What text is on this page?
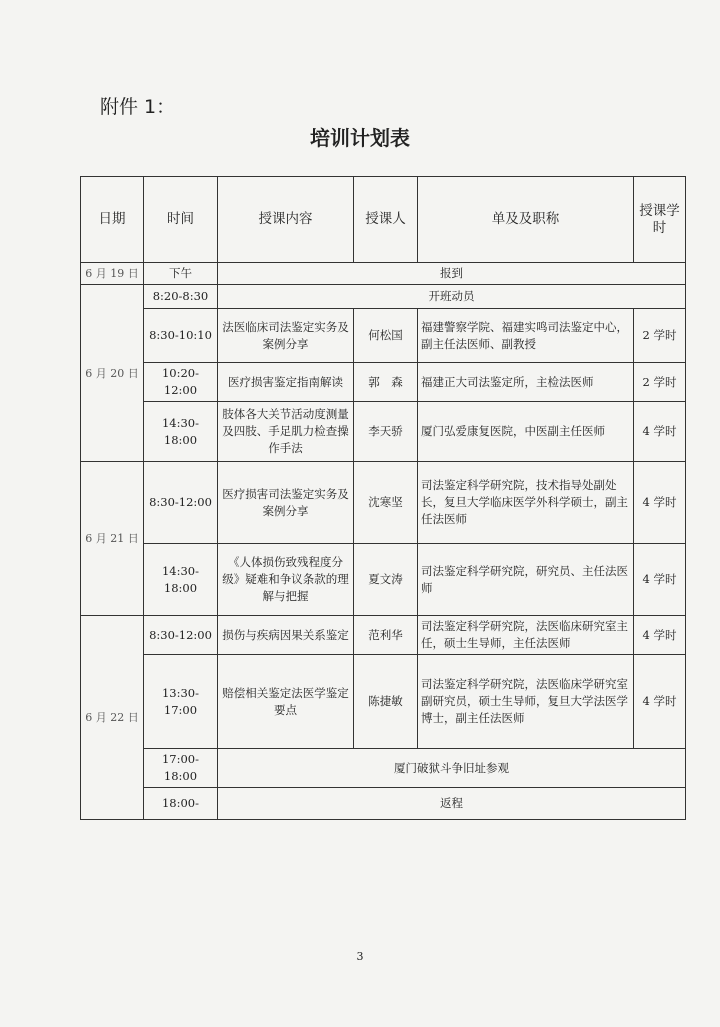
附件 1：
培训计划表
日期	时间	授课内容	授课人	单及及职称	授课学时
6 月 19 日	下午	报到			
6 月 20 日	8:20-8:30	开班动员			
	8:30-10:10	法医临床司法鉴定实务及案例分享	何松国	福建警察学院、福建实鸣司法鉴定中心，副主任法医师、副教授	2 学时
	10:20-12:00	医疗损害鉴定指南解读	郭　森	福建正大司法鉴定所，主检法医师	2 学时
	14:30-18:00	肢体各大关节活动度测量及四肢、手足肌力检查操作手法	李天骄	厦门弘爱康复医院，中医副主任医师	4 学时
6 月 21 日	8:30-12:00	医疗损害司法鉴定实务及案例分享	沈寒坚	司法鉴定科学研究院，技术指导处副处长，复旦大学临床医学外科学硕士，副主任法医师	4 学时
	14:30-18:00	《人体损伤致残程度分级》疑难和争议条款的理解与把握	夏文涛	司法鉴定科学研究院，研究员、主任法医师	4 学时
6 月 22 日	8:30-12:00	损伤与疾病因果关系鉴定	范利华	司法鉴定科学研究院，法医临床研究室主任，硕士生导师，主任法医师	4 学时
	13:30-17:00	赔偿相关鉴定法医学鉴定要点	陈捷敏	司法鉴定科学研究院，法医临床学研究室副研究员，硕士生导师，复旦大学法医学博士，副主任法医师	4 学时
	17:00-18:00	厦门破狱斗争旧址参观			
	18:00-	返程			
3
